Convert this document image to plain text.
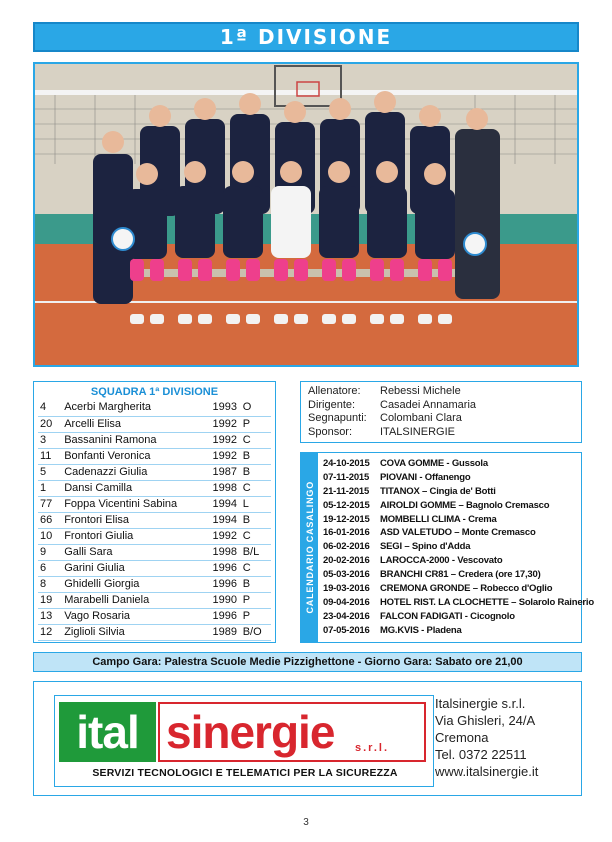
1ª DIVISIONE
SQUADRA 1ª DIVISIONE
4	Acerbi Margherita	1993	O
20	Arcelli Elisa	1992	P
3	Bassanini Ramona	1992	C
11	Bonfanti Veronica	1992	B
5	Cadenazzi Giulia	1987	B
1	Dansi Camilla	1998	C
77	Foppa Vicentini Sabina	1994	L
66	Frontori Elisa	1994	B
10	Frontori Giulia	1992	C
9	Galli Sara	1998	B/L
6	Garini Giulia	1996	C
8	Ghidelli Giorgia	1996	B
19	Marabelli Daniela	1990	P
13	Vago Rosaria	1996	P
12	Ziglioli Silvia	1989	B/O
Allenatore:	Rebessi Michele
Dirigente:	Casadei Annamaria
Segnapunti:	Colombani Clara
Sponsor:	ITALSINERGIE
CALENDARIO CASALINGO
24-10-2015 COVA GOMME - Gussola
07-11-2015 PIOVANI - Offanengo
21-11-2015 TITANOX – Cingia de' Botti
05-12-2015 AIROLDI GOMME – Bagnolo Cremasco
19-12-2015 MOMBELLI CLIMA - Crema
16-01-2016 ASD VALETUDO – Monte Cremasco
06-02-2016 SEGI – Spino d'Adda
20-02-2016 LAROCCA-2000 - Vescovato
05-03-2016 BRANCHI CR81 – Credera (ore 17,30)
19-03-2016 CREMONA GRONDE – Robecco d'Oglio
09-04-2016 HOTEL RIST. LA CLOCHETTE – Solarolo Rainerio
23-04-2016 FALCON FADIGATI - Cicognolo
07-05-2016 MG.KVIS - Pladena
Campo Gara: Palestra Scuole Medie Pizzighettone - Giorno Gara: Sabato ore 21,00
ital sinergie	s.r.l.
SERVIZI TECNOLOGICI E TELEMATICI PER LA SICUREZZA
Italsinergie s.r.l.
Via Ghisleri, 24/A
Cremona
Tel. 0372 22511
www.italsinergie.it
3
